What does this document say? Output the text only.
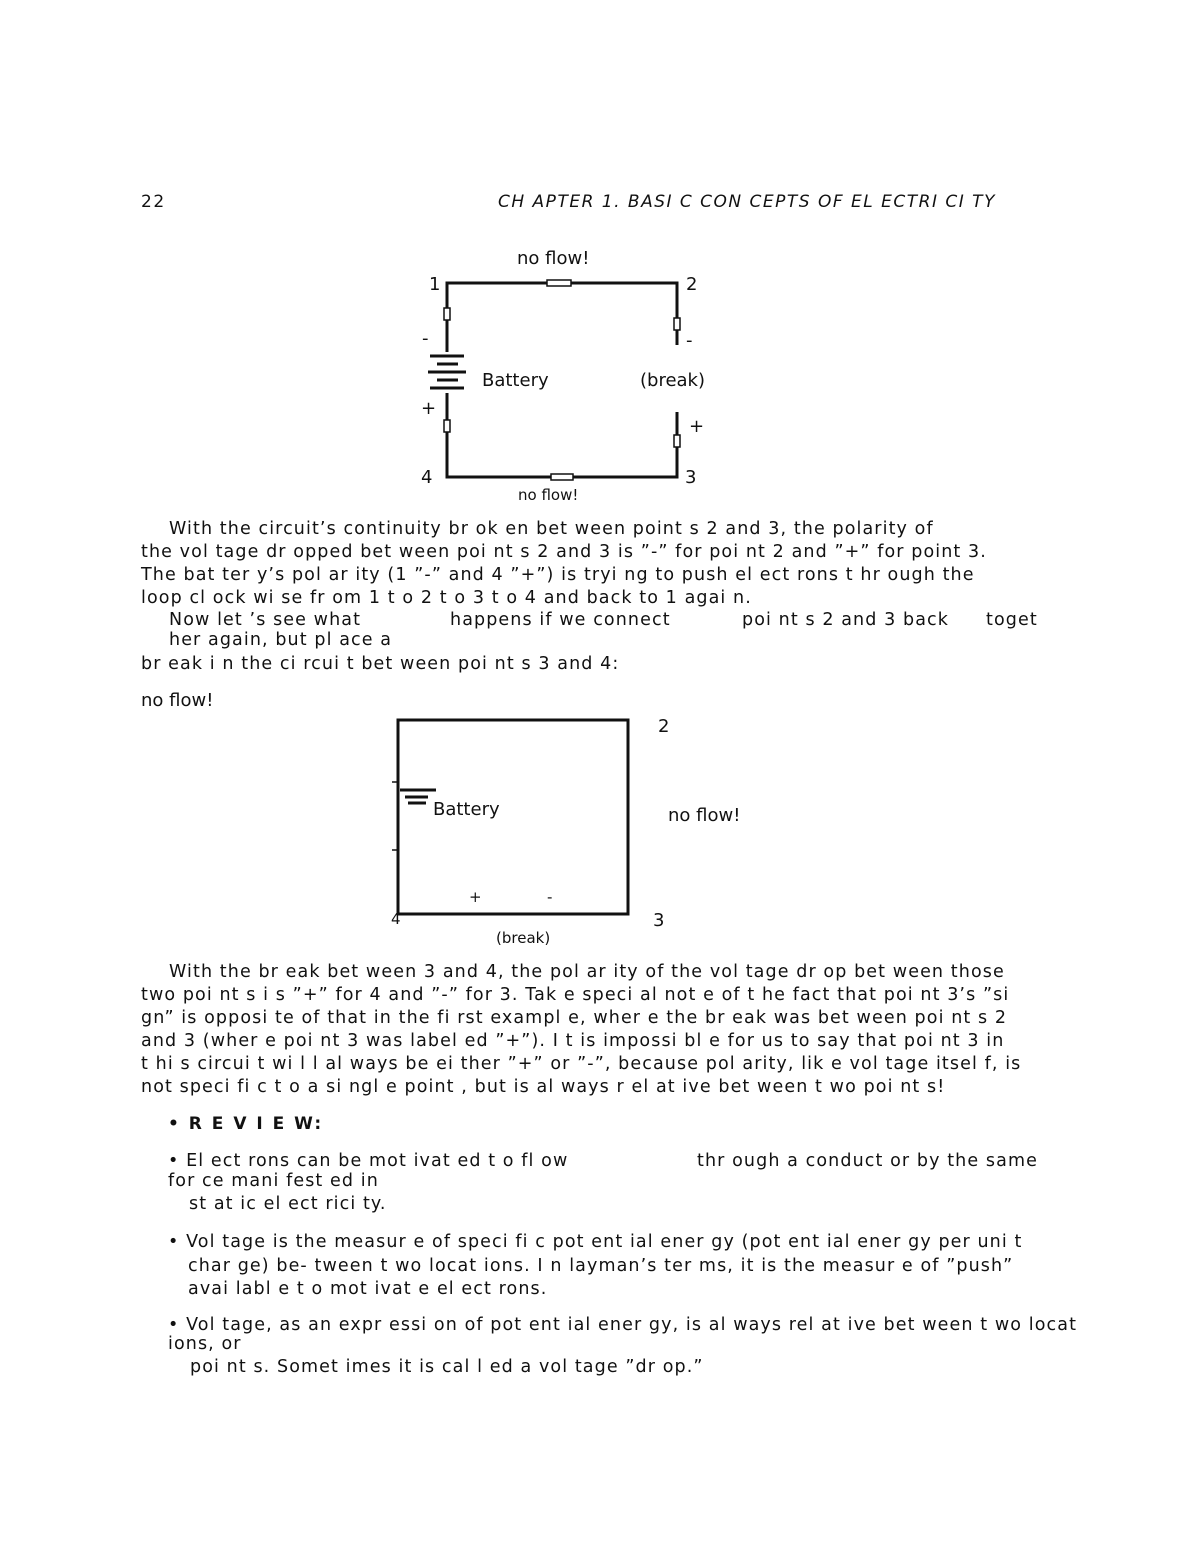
22	CH APTER 1. BASI C CON CEPTS OF EL ECTRI CI TY
no flow!
no flow!
1	2
3
4
-
+
-
+
Battery	(break)
With the circuit’s continuity br ok en bet ween point s 2 and 3, the polarity of
the vol tage dr opped bet ween poi nt s 2 and 3 is ”-” for poi nt 2 and ”+” for point 3.
The bat ter y’s pol ar ity (1 ”-” and 4 ”+”) is tryi ng to push el ect rons t hr ough the
loop cl ock wi se fr om 1 t o 2 t o 3 t o 4 and back to 1 agai n.
Now let ’s see what	happens if we connect	poi nt s 2 and 3 back toget
her again, but pl ace a
br eak i n the ci rcui t bet ween poi nt s 3 and 4:
no flow!
2
3
4
Battery	no flow!
+	-
(break)
With the br eak bet ween 3 and 4, the pol ar ity of the vol tage dr op bet ween those
two poi nt s i s ”+” for 4 and ”-” for 3. Tak e speci al not e of t he fact that poi nt 3’s ”si
gn” is opposi te of that in the fi rst exampl e, wher e the br eak was bet ween poi nt s 2
and 3 (wher e poi nt 3 was label ed ”+”). I t is impossi bl e for us to say that poi nt 3 in
t hi s circui t wi l l al ways be ei ther ”+” or ”-”, because pol arity, lik e vol tage itsel f, is
not speci fi c t o a si ngl e point , but is al ways r el at ive bet ween t wo poi nt s!
• R E V I E W:
• El ect rons can be mot ivat ed t o fl ow	thr ough a conduct or by the same
for ce mani fest ed in
st at ic el ect rici ty.
• Vol tage is the measur e of speci fi c pot ent ial ener gy (pot ent ial ener gy per uni t
char ge) be- tween t wo locat ions. I n layman’s ter ms, it is the measur e of ”push”
avai labl e t o mot ivat e el ect rons.
• Vol tage, as an expr essi on of pot ent ial ener gy, is al ways rel at ive bet ween t wo locat
ions, or
poi nt s. Somet imes it is cal l ed a vol tage ”dr op.”
